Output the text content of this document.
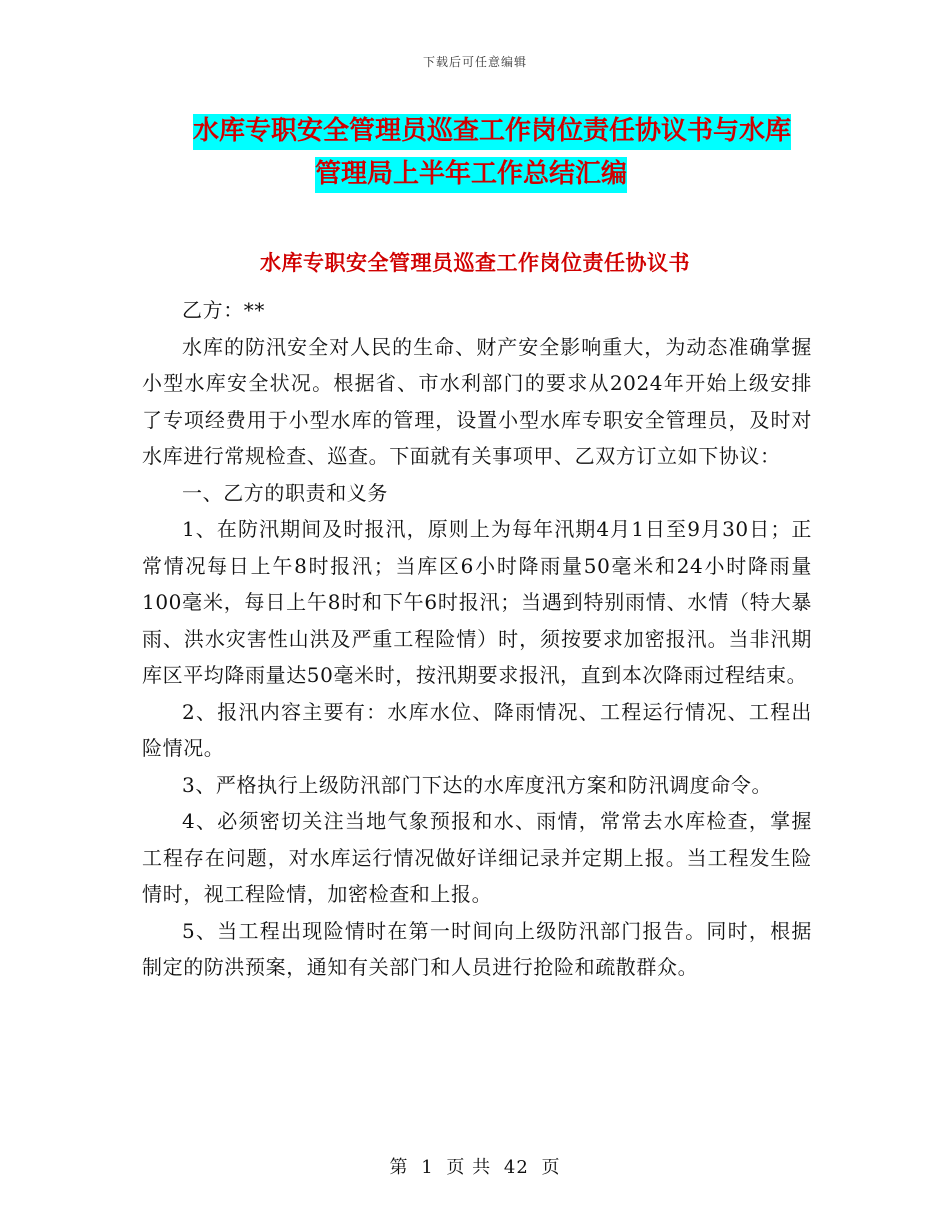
下载后可任意编辑
水库专职安全管理员巡查工作岗位责任协议书与水库
管理局上半年工作总结汇编
水库专职安全管理员巡查工作岗位责任协议书

乙方：**

水库的防汛安全对人民的生命、财产安全影响重大，为动态准确掌握小型水库安全状况。根据省、市水利部门的要求从2024年开始上级安排了专项经费用于小型水库的管理，设置小型水库专职安全管理员，及时对水库进行常规检查、巡查。下面就有关事项甲、乙双方订立如下协议：

一、乙方的职责和义务

1、在防汛期间及时报汛，原则上为每年汛期4月1日至9月30日；正常情况每日上午8时报汛；当库区6小时降雨量50毫米和24小时降雨量100毫米，每日上午8时和下午6时报汛；当遇到特别雨情、水情（特大暴雨、洪水灾害性山洪及严重工程险情）时，须按要求加密报汛。当非汛期库区平均降雨量达50毫米时，按汛期要求报汛，直到本次降雨过程结束。

2、报汛内容主要有：水库水位、降雨情况、工程运行情况、工程出险情况。

3、严格执行上级防汛部门下达的水库度汛方案和防汛调度命令。

4、必须密切关注当地气象预报和水、雨情，常常去水库检查，掌握工程存在问题，对水库运行情况做好详细记录并定期上报。当工程发生险情时，视工程险情，加密检查和上报。

5、当工程出现险情时在第一时间向上级防汛部门报告。同时，根据制定的防洪预案，通知有关部门和人员进行抢险和疏散群众。

第 1 页 共 42 页
